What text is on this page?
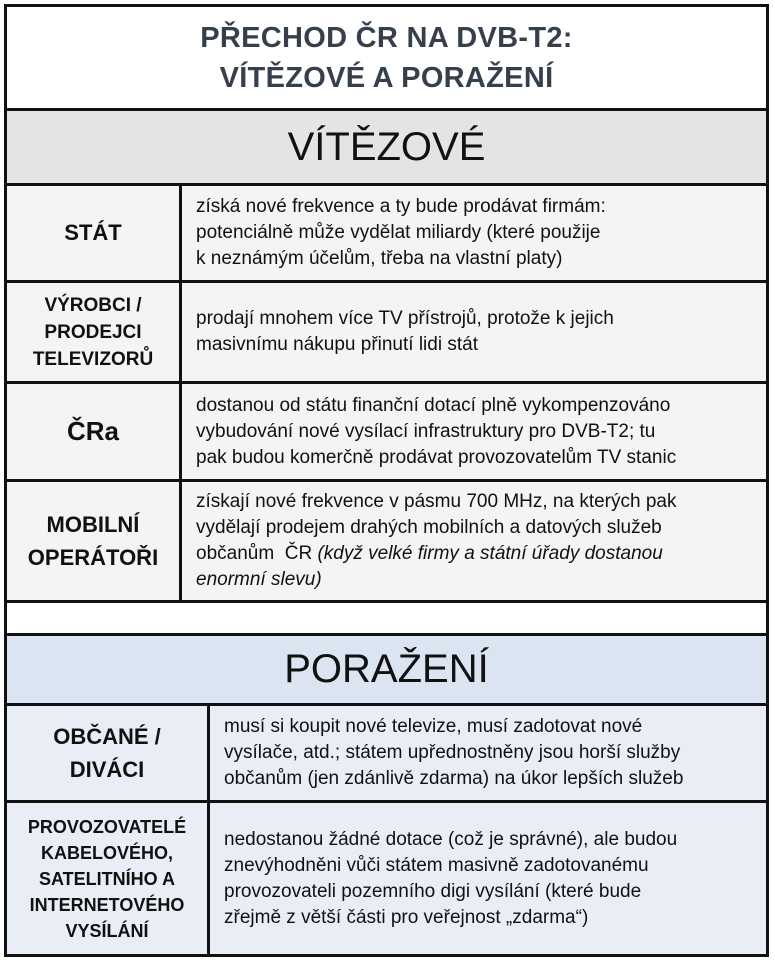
PŘECHOD ČR NA DVB-T2:
VÍTĚZOVÉ A PORAŽENÍ
VÍTĚZOVÉ
STÁT
získá nové frekvence a ty bude prodávat firmám:
potenciálně může vydělat miliardy (které použije
k neznámým účelům, třeba na vlastní platy)
VÝROBCI /
PRODEJCI
TELEVIZORŮ
prodají mnohem více TV přístrojů, protože k jejich
masivnímu nákupu přinutí lidi stát
ČRa
dostanou od státu finanční dotací plně vykompenzováno
vybudování nové vysílací infrastruktury pro DVB-T2; tu
pak budou komerčně prodávat provozovatelům TV stanic
MOBILNÍ
OPERÁTOŘI
získají nové frekvence v pásmu 700 MHz, na kterých pak
vydělají prodejem drahých mobilních a datových služeb
občanům  ČR (když velké firmy a státní úřady dostanou
enormní slevu)
PORAŽENÍ
OBČANÉ /
DIVÁCI
musí si koupit nové televize, musí zadotovat nové
vysílače, atd.; státem upřednostněny jsou horší služby
občanům (jen zdánlivě zdarma) na úkor lepších služeb
PROVOZOVATELÉ
KABELOVÉHO,
SATELITNÍHO A
INTERNETOVÉHO
VYSÍLÁNÍ
nedostanou žádné dotace (což je správné), ale budou
znevýhodněni vůči státem masivně zadotovanému
provozovateli pozemního digi vysílání (které bude
zřejmě z větší části pro veřejnost „zdarma“)
